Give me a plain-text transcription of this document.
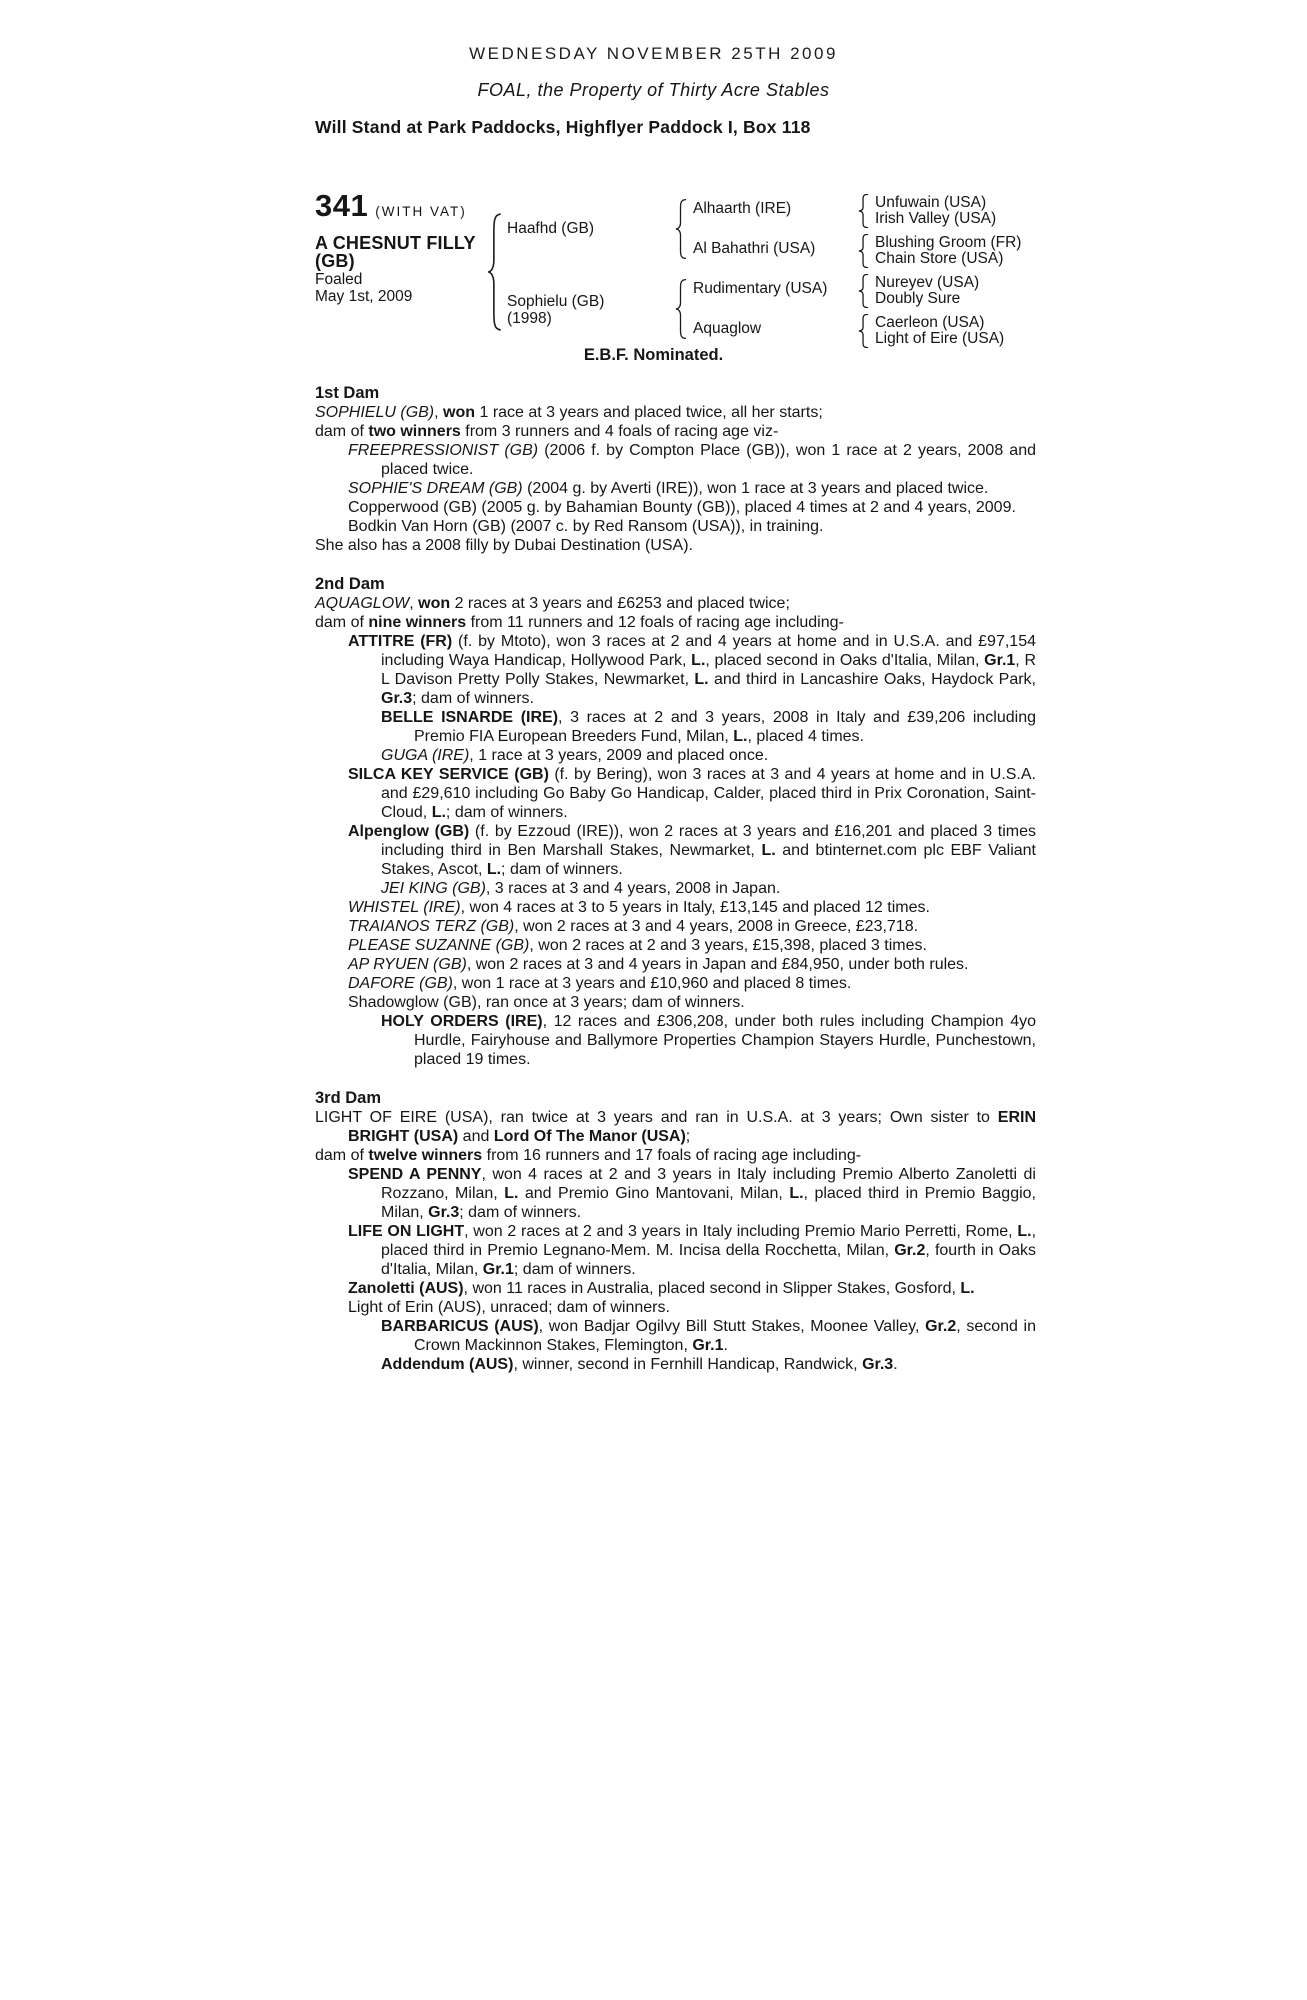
WEDNESDAY NOVEMBER 25TH 2009
FOAL, the Property of Thirty Acre Stables
Will Stand at Park Paddocks, Highflyer Paddock I, Box 118
341 (WITH VAT)
A CHESNUT FILLY
(GB)
Foaled
May 1st, 2009
Haafhd (GB)
Sophielu (GB)
(1998)
Alhaarth (IRE)
Al Bahathri (USA)
Rudimentary (USA)
Aquaglow
Unfuwain (USA)
Irish Valley (USA)
Blushing Groom (FR)
Chain Store (USA)
Nureyev (USA)
Doubly Sure
Caerleon (USA)
Light of Eire (USA)
E.B.F. Nominated.
1st Dam
SOPHIELU (GB), won 1 race at 3 years and placed twice, all her starts;
dam of two winners from 3 runners and 4 foals of racing age viz-
FREEPRESSIONIST (GB) (2006 f. by Compton Place (GB)), won 1 race at 2 years, 2008 and placed twice.
SOPHIE'S DREAM (GB) (2004 g. by Averti (IRE)), won 1 race at 3 years and placed twice.
Copperwood (GB) (2005 g. by Bahamian Bounty (GB)), placed 4 times at 2 and 4 years, 2009.
Bodkin Van Horn (GB) (2007 c. by Red Ransom (USA)), in training.
She also has a 2008 filly by Dubai Destination (USA).
2nd Dam
AQUAGLOW, won 2 races at 3 years and £6253 and placed twice;
dam of nine winners from 11 runners and 12 foals of racing age including-
ATTITRE (FR) (f. by Mtoto), won 3 races at 2 and 4 years at home and in U.S.A. and £97,154 including Waya Handicap, Hollywood Park, L., placed second in Oaks d'Italia, Milan, Gr.1, R L Davison Pretty Polly Stakes, Newmarket, L. and third in Lancashire Oaks, Haydock Park, Gr.3; dam of winners.
BELLE ISNARDE (IRE), 3 races at 2 and 3 years, 2008 in Italy and £39,206 including Premio FIA European Breeders Fund, Milan, L., placed 4 times.
GUGA (IRE), 1 race at 3 years, 2009 and placed once.
SILCA KEY SERVICE (GB) (f. by Bering), won 3 races at 3 and 4 years at home and in U.S.A. and £29,610 including Go Baby Go Handicap, Calder, placed third in Prix Coronation, Saint-Cloud, L.; dam of winners.
Alpenglow (GB) (f. by Ezzoud (IRE)), won 2 races at 3 years and £16,201 and placed 3 times including third in Ben Marshall Stakes, Newmarket, L. and btinternet.com plc EBF Valiant Stakes, Ascot, L.; dam of winners.
JEI KING (GB), 3 races at 3 and 4 years, 2008 in Japan.
WHISTEL (IRE), won 4 races at 3 to 5 years in Italy, £13,145 and placed 12 times.
TRAIANOS TERZ (GB), won 2 races at 3 and 4 years, 2008 in Greece, £23,718.
PLEASE SUZANNE (GB), won 2 races at 2 and 3 years, £15,398, placed 3 times.
AP RYUEN (GB), won 2 races at 3 and 4 years in Japan and £84,950, under both rules.
DAFORE (GB), won 1 race at 3 years and £10,960 and placed 8 times.
Shadowglow (GB), ran once at 3 years; dam of winners.
HOLY ORDERS (IRE), 12 races and £306,208, under both rules including Champion 4yo Hurdle, Fairyhouse and Ballymore Properties Champion Stayers Hurdle, Punchestown, placed 19 times.
3rd Dam
LIGHT OF EIRE (USA), ran twice at 3 years and ran in U.S.A. at 3 years; Own sister to ERIN BRIGHT (USA) and Lord Of The Manor (USA);
dam of twelve winners from 16 runners and 17 foals of racing age including-
SPEND A PENNY, won 4 races at 2 and 3 years in Italy including Premio Alberto Zanoletti di Rozzano, Milan, L. and Premio Gino Mantovani, Milan, L., placed third in Premio Baggio, Milan, Gr.3; dam of winners.
LIFE ON LIGHT, won 2 races at 2 and 3 years in Italy including Premio Mario Perretti, Rome, L., placed third in Premio Legnano-Mem. M. Incisa della Rocchetta, Milan, Gr.2, fourth in Oaks d'Italia, Milan, Gr.1; dam of winners.
Zanoletti (AUS), won 11 races in Australia, placed second in Slipper Stakes, Gosford, L.
Light of Erin (AUS), unraced; dam of winners.
BARBARICUS (AUS), won Badjar Ogilvy Bill Stutt Stakes, Moonee Valley, Gr.2, second in Crown Mackinnon Stakes, Flemington, Gr.1.
Addendum (AUS), winner, second in Fernhill Handicap, Randwick, Gr.3.
